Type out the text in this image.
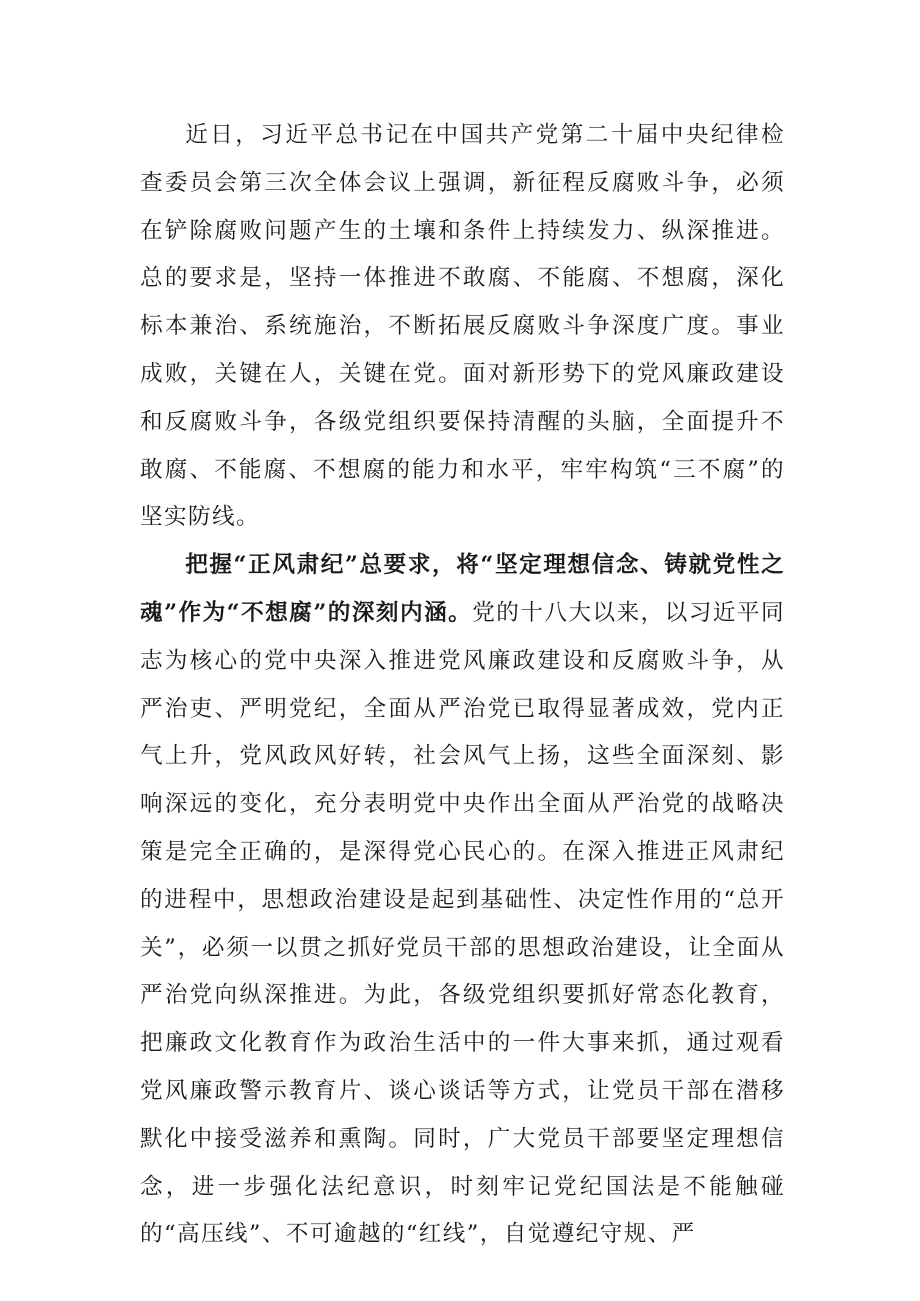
近日，习近平总书记在中国共产党第二十届中央纪律检查委员会第三次全体会议上强调，新征程反腐败斗争，必须在铲除腐败问题产生的土壤和条件上持续发力、纵深推进。总的要求是，坚持一体推进不敢腐、不能腐、不想腐，深化标本兼治、系统施治，不断拓展反腐败斗争深度广度。事业成败，关键在人，关键在党。面对新形势下的党风廉政建设和反腐败斗争，各级党组织要保持清醒的头脑，全面提升不敢腐、不能腐、不想腐的能力和水平，牢牢构筑“三不腐”的坚实防线。

把握“正风肃纪”总要求，将“坚定理想信念、铸就党性之魂”作为“不想腐”的深刻内涵。党的十八大以来，以习近平同志为核心的党中央深入推进党风廉政建设和反腐败斗争，从严治吏、严明党纪，全面从严治党已取得显著成效，党内正气上升，党风政风好转，社会风气上扬，这些全面深刻、影响深远的变化，充分表明党中央作出全面从严治党的战略决策是完全正确的，是深得党心民心的。在深入推进正风肃纪的进程中，思想政治建设是起到基础性、决定性作用的“总开关”，必须一以贯之抓好党员干部的思想政治建设，让全面从严治党向纵深推进。为此，各级党组织要抓好常态化教育，把廉政文化教育作为政治生活中的一件大事来抓，通过观看党风廉政警示教育片、谈心谈话等方式，让党员干部在潜移默化中接受滋养和熏陶。同时，广大党员干部要坚定理想信念，进一步强化法纪意识，时刻牢记党纪国法是不能触碰的“高压线”、不可逾越的“红线”，自觉遵纪守规、严
